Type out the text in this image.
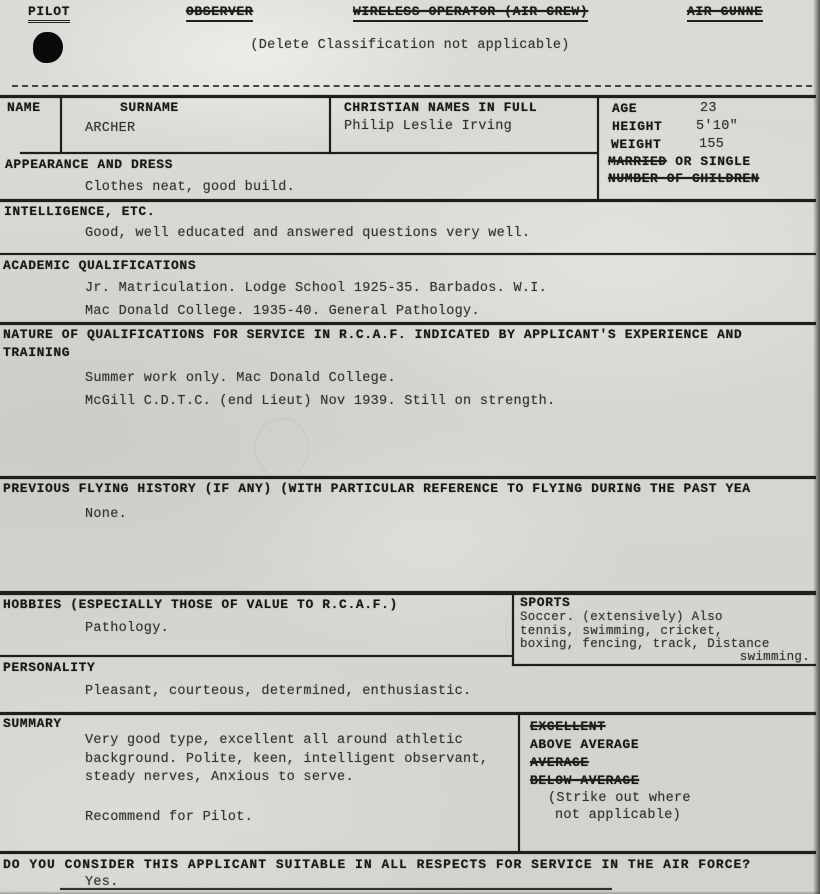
PILOT	OBSERVER	WIRELESS OPERATOR (AIR CREW)	AIR GUNNE
(Delete Classification not applicable)
NAME	SURNAME
ARCHER
CHRISTIAN NAMES IN FULL
Philip Leslie Irving
AGE	23
HEIGHT 5'10"
WEIGHT	155
MARRIED OR SINGLE
NUMBER OF CHILDREN
APPEARANCE AND DRESS
Clothes neat, good build.
INTELLIGENCE, ETC.
Good, well educated and answered questions very well.
ACADEMIC QUALIFICATIONS
Jr. Matriculation. Lodge School 1925-35. Barbados. W.I.
Mac Donald College. 1935-40. General Pathology.
NATURE OF QUALIFICATIONS FOR SERVICE IN R.C.A.F. INDICATED BY APPLICANT'S EXPERIENCE AND
TRAINING
Summer work only. Mac Donald College.
McGill C.D.T.C. (end Lieut) Nov 1939. Still on strength.
PREVIOUS FLYING HISTORY (IF ANY) (WITH PARTICULAR REFERENCE TO FLYING DURING THE PAST YEA
None.
HOBBIES (ESPECIALLY THOSE OF VALUE TO R.C.A.F.)
Pathology.
SPORTS
Soccer. (extensively) Also
tennis, swimming, cricket,
boxing, fencing, track, Distance
swimming.
PERSONALITY
Pleasant, courteous, determined, enthusiastic.
SUMMARY
Very good type, excellent all around athletic
background. Polite, keen, intelligent observant,
steady nerves, Anxious to serve.
Recommend for Pilot.
EXCELLENT
ABOVE AVERAGE
AVERAGE
BELOW AVERAGE
(Strike out where
not applicable)
DO YOU CONSIDER THIS APPLICANT SUITABLE IN ALL RESPECTS FOR SERVICE IN THE AIR FORCE?
Yes.
